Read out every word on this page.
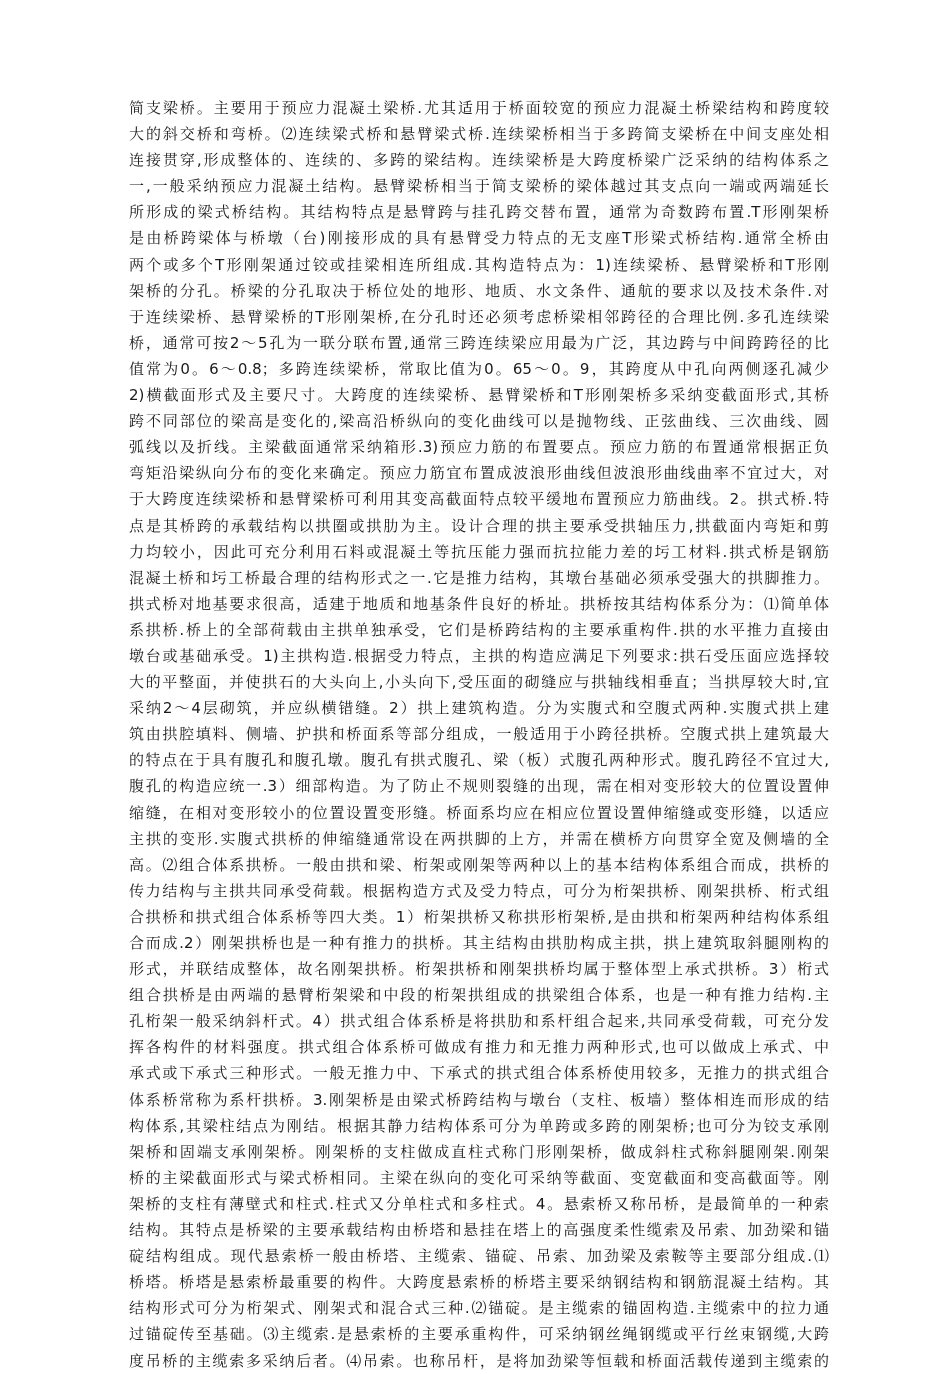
简支梁桥。主要用于预应力混凝土梁桥.尤其适用于桥面较宽的预应力混凝土桥梁结构和跨度较
大的斜交桥和弯桥。⑵连续梁式桥和悬臂梁式桥.连续梁桥相当于多跨简支梁桥在中间支座处相
连接贯穿,形成整体的、连续的、多跨的梁结构。连续梁桥是大跨度桥梁广泛采纳的结构体系之
一,一般采纳预应力混凝土结构。悬臂梁桥相当于简支梁桥的梁体越过其支点向一端或两端延长
所形成的梁式桥结构。其结构特点是悬臂跨与挂孔跨交替布置，通常为奇数跨布置.T形刚架桥
是由桥跨梁体与桥墩（台)刚接形成的具有悬臂受力特点的无支座T形梁式桥结构.通常全桥由
两个或多个T形刚架通过铰或挂梁相连所组成.其构造特点为：1)连续梁桥、悬臂梁桥和T形刚
架桥的分孔。桥梁的分孔取决于桥位处的地形、地质、水文条件、通航的要求以及技术条件.对
于连续梁桥、悬臂梁桥的T形刚架桥,在分孔时还必须考虑桥梁相邻跨径的合理比例.多孔连续梁
桥，通常可按2～5孔为一联分联布置,通常三跨连续梁应用最为广泛，其边跨与中间跨跨径的比
值常为0。6～0.8；多跨连续梁桥，常取比值为0。65～0。9，其跨度从中孔向两侧逐孔减少
2)横截面形式及主要尺寸。大跨度的连续梁桥、悬臂梁桥和T形刚架桥多采纳变截面形式,其桥
跨不同部位的梁高是变化的,梁高沿桥纵向的变化曲线可以是抛物线、正弦曲线、三次曲线、圆
弧线以及折线。主梁截面通常采纳箱形.3)预应力筋的布置要点。预应力筋的布置通常根据正负
弯矩沿梁纵向分布的变化来确定。预应力筋宜布置成波浪形曲线但波浪形曲线曲率不宜过大，对
于大跨度连续梁桥和悬臂梁桥可利用其变高截面特点较平缓地布置预应力筋曲线。2。拱式桥.特
点是其桥跨的承载结构以拱圈或拱肋为主。设计合理的拱主要承受拱轴压力,拱截面内弯矩和剪
力均较小，因此可充分利用石料或混凝土等抗压能力强而抗拉能力差的圬工材料.拱式桥是钢筋
混凝土桥和圬工桥最合理的结构形式之一.它是推力结构，其墩台基础必须承受强大的拱脚推力。
拱式桥对地基要求很高，适建于地质和地基条件良好的桥址。拱桥按其结构体系分为：⑴简单体
系拱桥.桥上的全部荷载由主拱单独承受，它们是桥跨结构的主要承重构件.拱的水平推力直接由
墩台或基础承受。1)主拱构造.根据受力特点，主拱的构造应满足下列要求:拱石受压面应选择较
大的平整面，并使拱石的大头向上,小头向下,受压面的砌缝应与拱轴线相垂直；当拱厚较大时,宜
采纳2～4层砌筑，并应纵横错缝。2）拱上建筑构造。分为实腹式和空腹式两种.实腹式拱上建
筑由拱腔填料、侧墙、护拱和桥面系等部分组成，一般适用于小跨径拱桥。空腹式拱上建筑最大
的特点在于具有腹孔和腹孔墩。腹孔有拱式腹孔、梁（板）式腹孔两种形式。腹孔跨径不宜过大,
腹孔的构造应统一.3）细部构造。为了防止不规则裂缝的出现，需在相对变形较大的位置设置伸
缩缝，在相对变形较小的位置设置变形缝。桥面系均应在相应位置设置伸缩缝或变形缝，以适应
主拱的变形.实腹式拱桥的伸缩缝通常设在两拱脚的上方，并需在横桥方向贯穿全宽及侧墙的全
高。⑵组合体系拱桥。一般由拱和梁、桁架或刚架等两种以上的基本结构体系组合而成，拱桥的
传力结构与主拱共同承受荷载。根据构造方式及受力特点，可分为桁架拱桥、刚架拱桥、桁式组
合拱桥和拱式组合体系桥等四大类。1）桁架拱桥又称拱形桁架桥,是由拱和桁架两种结构体系组
合而成.2）刚架拱桥也是一种有推力的拱桥。其主结构由拱肋构成主拱，拱上建筑取斜腿刚构的
形式，并联结成整体，故名刚架拱桥。桁架拱桥和刚架拱桥均属于整体型上承式拱桥。3）桁式
组合拱桥是由两端的悬臂桁架梁和中段的桁架拱组成的拱梁组合体系，也是一种有推力结构.主
孔桁架一般采纳斜杆式。4）拱式组合体系桥是将拱肋和系杆组合起来,共同承受荷载，可充分发
挥各构件的材料强度。拱式组合体系桥可做成有推力和无推力两种形式,也可以做成上承式、中
承式或下承式三种形式。一般无推力中、下承式的拱式组合体系桥使用较多，无推力的拱式组合
体系桥常称为系杆拱桥。3.刚架桥是由梁式桥跨结构与墩台（支柱、板墙）整体相连而形成的结
构体系,其梁柱结点为刚结。根据其静力结构体系可分为单跨或多跨的刚架桥;也可分为铰支承刚
架桥和固端支承刚架桥。刚架桥的支柱做成直柱式称门形刚架桥，做成斜柱式称斜腿刚架.刚架
桥的主梁截面形式与梁式桥相同。主梁在纵向的变化可采纳等截面、变宽截面和变高截面等。刚
架桥的支柱有薄壁式和柱式.柱式又分单柱式和多柱式。4。悬索桥又称吊桥，是最简单的一种索
结构。其特点是桥梁的主要承载结构由桥塔和悬挂在塔上的高强度柔性缆索及吊索、加劲梁和锚
碇结构组成。现代悬索桥一般由桥塔、主缆索、锚碇、吊索、加劲梁及索鞍等主要部分组成.⑴
桥塔。桥塔是悬索桥最重要的构件。大跨度悬索桥的桥塔主要采纳钢结构和钢筋混凝土结构。其
结构形式可分为桁架式、刚架式和混合式三种.⑵锚碇。是主缆索的锚固构造.主缆索中的拉力通
过锚碇传至基础。⑶主缆索.是悬索桥的主要承重构件，可采纳钢丝绳钢缆或平行丝束钢缆,大跨
度吊桥的主缆索多采纳后者。⑷吊索。也称吊杆，是将加劲梁等恒载和桥面活载传递到主缆索的
